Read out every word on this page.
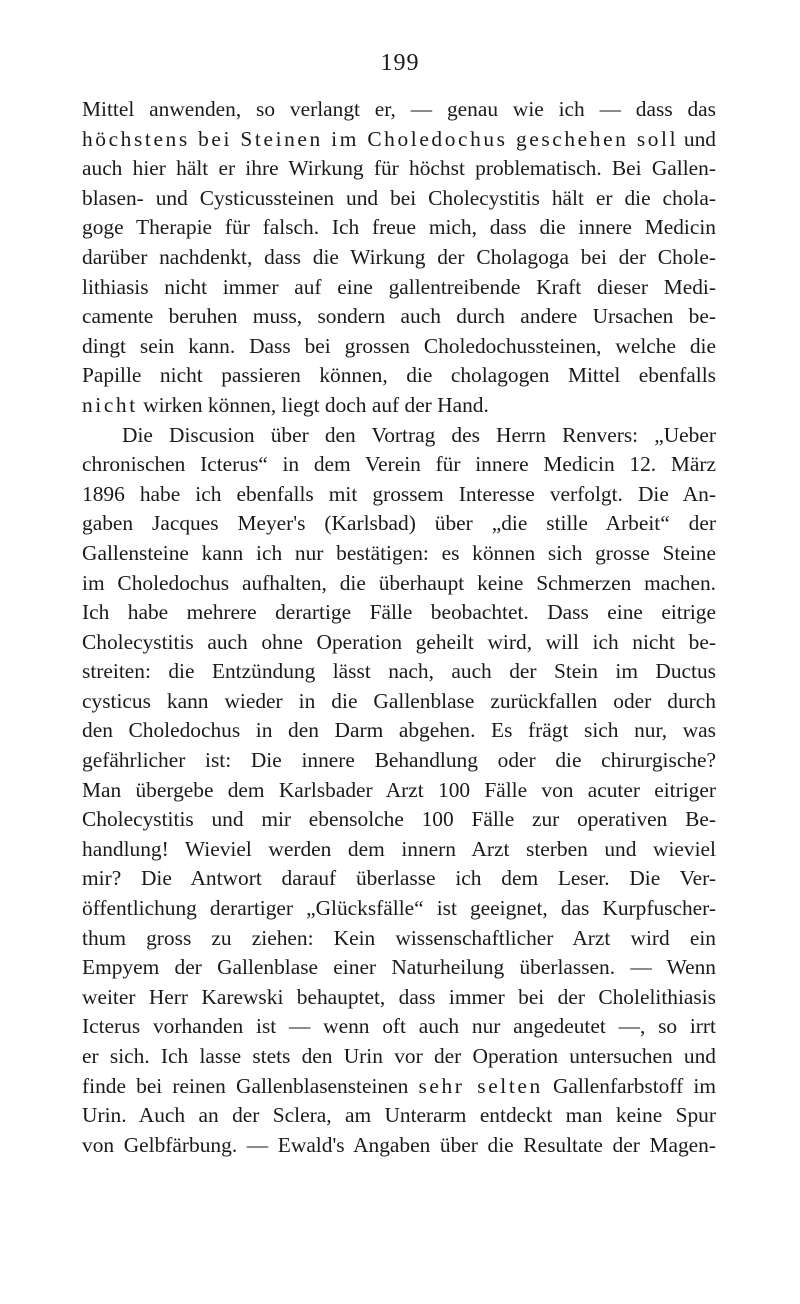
199
Mittel anwenden, so verlangt er, — genau wie ich — dass das
höchstens bei Steinen im Choledochus geschehen soll und
auch hier hält er ihre Wirkung für höchst problematisch. Bei Gallen-
blasen- und Cysticussteinen und bei Cholecystitis hält er die chola-
goge Therapie für falsch. Ich freue mich, dass die innere Medicin
darüber nachdenkt, dass die Wirkung der Cholagoga bei der Chole-
lithiasis nicht immer auf eine gallentreibende Kraft dieser Medi-
camente beruhen muss, sondern auch durch andere Ursachen be-
dingt sein kann. Dass bei grossen Choledochussteinen, welche die
Papille nicht passieren können, die cholagogen Mittel ebenfalls
nicht wirken können, liegt doch auf der Hand.
Die Discusion über den Vortrag des Herrn Renvers: „Ueber
chronischen Icterus“ in dem Verein für innere Medicin 12. März
1896 habe ich ebenfalls mit grossem Interesse verfolgt. Die An-
gaben Jacques Meyer's (Karlsbad) über „die stille Arbeit“ der
Gallensteine kann ich nur bestätigen: es können sich grosse Steine
im Choledochus aufhalten, die überhaupt keine Schmerzen machen.
Ich habe mehrere derartige Fälle beobachtet. Dass eine eitrige
Cholecystitis auch ohne Operation geheilt wird, will ich nicht be-
streiten: die Entzündung lässt nach, auch der Stein im Ductus
cysticus kann wieder in die Gallenblase zurückfallen oder durch
den Choledochus in den Darm abgehen. Es frägt sich nur, was
gefährlicher ist: Die innere Behandlung oder die chirurgische?
Man übergebe dem Karlsbader Arzt 100 Fälle von acuter eitriger
Cholecystitis und mir ebensolche 100 Fälle zur operativen Be-
handlung! Wieviel werden dem innern Arzt sterben und wieviel
mir? Die Antwort darauf überlasse ich dem Leser. Die Ver-
öffentlichung derartiger „Glücksfälle“ ist geeignet, das Kurpfuscher-
thum gross zu ziehen: Kein wissenschaftlicher Arzt wird ein
Empyem der Gallenblase einer Naturheilung überlassen. — Wenn
weiter Herr Karewski behauptet, dass immer bei der Cholelithiasis
Icterus vorhanden ist — wenn oft auch nur angedeutet —, so irrt
er sich. Ich lasse stets den Urin vor der Operation untersuchen und
finde bei reinen Gallenblasensteinen sehr selten Gallenfarbstoff im
Urin. Auch an der Sclera, am Unterarm entdeckt man keine Spur
von Gelbfärbung. — Ewald's Angaben über die Resultate der Magen-
